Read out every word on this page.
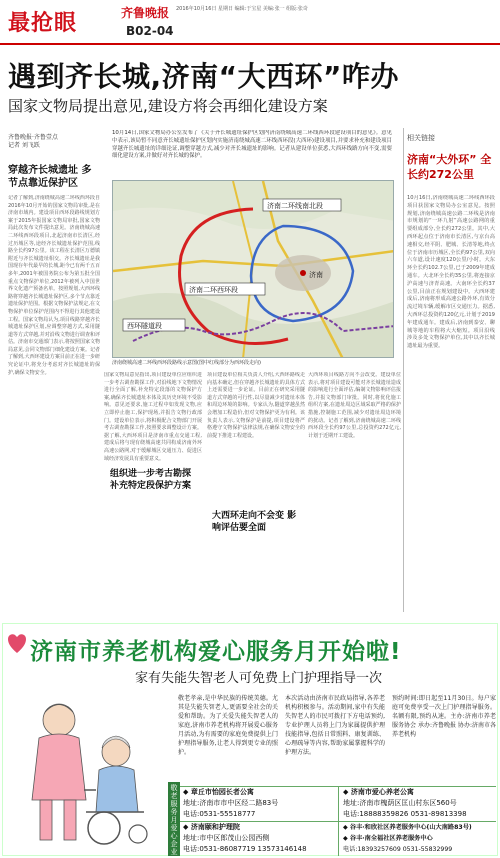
最抢眼	齐鲁晚报 2016年10月16日 星期日 编辑:于宝星 美编:张一 组版:张奇
B02-04
遇到齐长城,济南“大西环”咋办
国家文物局提出意见,建设方将会再细化建设方案
齐鲁晚报·齐鲁壹点
记者 刘飞跃
穿越齐长城遗址 多节点靠近保护区
记者了解到,济南绕城高速二环线西环段自2016年10月开始的国家文物局审批,是在济南市域内。建设项目西环段路线规划方案于2015年报国家文物局审批,国家文物局此次发布文件提出意见。济南绕城高速二环线西环段项目,北起济南市长清区,经过历城区等,途经齐长城遗址保护范围,线路全长约97公里。该工程在长清区万德镇附近与齐长城遗址相交。齐长城遗址是我国现存年代最早的长城,距今已有两千五百多年,2001年被国务院公布为第五批全国重点文物保护单位,2012年被列入中国世界文化遗产预备名单。按照规划,大西环线路将穿越齐长城遗址保护区,多个节点靠近遗址保护范围。根据文物保护法规定,在文物保护单位保护范围内不得进行其他建设工程。国家文物局认为,项目线路穿越齐长城遗址保护区划,应调整穿越方式,采用隧道等方式穿越,并对沿线文物进行调查和评估。济南市交通部门表示,将按照国家文物局意见,会同文物部门细化建设方案。记者了解到,大西环建设方案目前正在进一步研究论证中,将充分考虑对齐长城遗址的保护,确保文物安全。
10月14日,国家文物局办公室发布了《关于齐长城遗址保护区划内济南绕城高速二环线西环段建设项目的意见》。意见中表示,该局暂不同意齐长城遗址保护区划内实施济南绕城高速二环线西环段(大西环)建设项目,并要求补充和建设项目穿越齐长城遗址的详细论证,调整穿越方式,减少对齐长城遗址的影响。记者从建设单位获悉,大西环线路方向不变,需要细化建设方案,并做好对齐长城的保护。
济南二环线南北段
济南二环西环段
西环隧道段
济南
济南绕城高速二环线西环段路线示意图(图中红线部分为西环段走向)
国家文物局意见指出,项目建设单位应组织进一步考古调查勘探工作,对沿线地下文物情况进行全面了解,补充特定段落的文物保护方案,确保齐长城遗址本体及其历史环境不受影响。意见还要求,施工过程中如发现文物,应立即停止施工,保护现场,并报告文物行政部门。建设单位表示,将积极配合文物部门开展考古调查勘探工作,按照要求调整设计方案。据了解,大西环项目是济南市重点交通工程,建成后将与现有绕城高速共同构成济南外环高速公路网,对于缓解城区交通压力、促进区域经济发展具有重要意义。
组织进一步考古勘探 补充特定段保护方案
项目建设单位相关负责人介绍,大西环路线走向基本确定,但在穿越齐长城遗址的具体方式上还需要进一步论证。目前正在研究采用隧道方式穿越的可行性,以尽量减少对遗址本体和周边环境的影响。专家认为,隧道穿越虽然会增加工程造价,但对文物保护更为有利。该负责人表示,文物保护是前提,项目建设将严格遵守文物保护法律法规,在确保文物安全的前提下推进工程建设。
大西环走向不会变 影响评估要全面
大西环项目线路方向不会改变。建设单位表示,将对项目建设可能对齐长城遗址造成的影响进行全面评估,编制文物影响评估报告,并报文物部门审批。同时,将优化施工组织方案,在遗址周边区域采取严格的保护措施,控制施工范围,减少对遗址周边环境的扰动。记者了解到,济南绕城高速二环线西环段全长约97公里,总投资约272亿元,计划于近期开工建设。
相关链接
济南“大外环” 全长约272公里
10月16日,济南绕城高速二环线西环段项目获国家文物局办公室意见。按照规划,济南绕城高速公路二环线是济南市规划的“一环九射”高速公路网的重要组成部分,全长约272公里。其中,大西环起点位于济南市长清区,与京台高速相交,经平阴、肥城、长清等地,终点位于济南市历城区,全长约97公里,双向六车道,设计速度120公里/小时。大东环全长约102.7公里,已于2009年建成通车。大北环全长约35公里,将连接京沪高速与济青高速。大南环全长约37公里,目前正在规划建设中。大西环建成后,济南将形成高速公路外环,有效分流过境车辆,缓解市区交通压力。据悉,大西环总投资约120亿元,计划于2019年建成通车。建成后,济南到泰安、聊城等地的车程将大大缩短。项目沿线涉及多处文物保护单位,其中以齐长城遗址最为重要。
济南市养老机构爱心服务月开始啦!
家有失能失智老人可免费上门护理指导一次
敬老孝亲,是中华民族的传统美德。尤其是失能失智老人,更需要全社会的关爱和帮助。为了关爱失能失智老人的家庭,济南市养老机构将开展爱心服务月活动,为有需要的家庭免费提供上门护理指导服务,让老人得到更专业的照护。
本次活动由济南市民政局指导,各养老机构积极参与。活动期间,家中有失能失智老人的市民可拨打下方电话预约,专业护理人员将上门为家属提供护理技能指导,包括日常照料、康复训练、心理疏导等内容,帮助家属掌握科学的护理方法。
预约时间:即日起至11月30日。每户家庭可免费享受一次上门护理指导服务。名额有限,预约从速。主办:济南市养老服务协会 承办:齐鲁晚报 协办:济南市各养老机构
敬老服务月爱心企业
◆ 章丘市怡园长者公寓
地址:济南市市中区经二路83号
电话:0531-55518777
◆ 济南市爱心养老公寓
地址:济南市槐荫区匡山村东区560号
电话:18888359826 0531-89813398
◆ 济南颐和护理院
地址:市中区郎茂山公园西侧
电话:0531-86087719 13573146148
◆ 谷丰·和欣社区养老服务中心(山大南路83号)
◆ 谷丰·南全福社区养老服务中心
电话:18393257609 0531-55832999
